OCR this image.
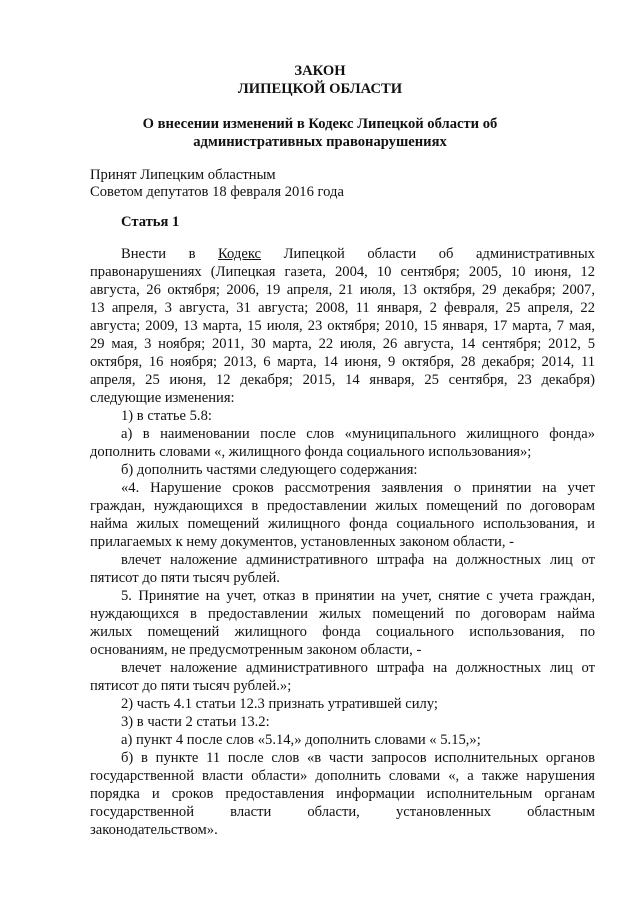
ЗАКОН

ЛИПЕЦКОЙ ОБЛАСТИ

О внесении изменений в Кодекс Липецкой области об

административных правонарушениях

Принят Липецким областным

Советом депутатов 18 февраля 2016 года

Статья 1

Внести в Кодекс Липецкой области об административных

правонарушениях (Липецкая газета, 2004, 10 сентября; 2005, 10 июня, 12

августа, 26 октября; 2006, 19 апреля, 21 июля, 13 октября, 29 декабря; 2007,

13 апреля, 3 августа, 31 августа; 2008, 11 января, 2 февраля, 25 апреля, 22

августа; 2009, 13 марта, 15 июля, 23 октября; 2010, 15 января, 17 марта, 7 мая,

29 мая, 3 ноября; 2011, 30 марта, 22 июля, 26 августа, 14 сентября; 2012, 5

октября, 16 ноября; 2013, 6 марта, 14 июня, 9 октября, 28 декабря; 2014, 11

апреля, 25 июня, 12 декабря; 2015, 14 января, 25 сентября, 23 декабря)

следующие изменения:

1) в статье 5.8:

а) в наименовании после слов «муниципального жилищного фонда»

дополнить словами «, жилищного фонда социального использования»;

б) дополнить частями следующего содержания:

«4. Нарушение сроков рассмотрения заявления о принятии на учет

граждан, нуждающихся в предоставлении жилых помещений по договорам

найма жилых помещений жилищного фонда социального использования, и

прилагаемых к нему документов, установленных законом области, -

влечет наложение административного штрафа на должностных лиц от

пятисот до пяти тысяч рублей.

5. Принятие на учет, отказ в принятии на учет, снятие с учета граждан,

нуждающихся в предоставлении жилых помещений по договорам найма

жилых помещений жилищного фонда социального использования, по

основаниям, не предусмотренным законом области, -

влечет наложение административного штрафа на должностных лиц от

пятисот до пяти тысяч рублей.»;

2) часть 4.1 статьи 12.3 признать утратившей силу;

3) в части 2 статьи 13.2:

а) пункт 4 после слов «5.14,» дополнить словами « 5.15,»;

б) в пункте 11 после слов «в части запросов исполнительных органов

государственной власти области» дополнить словами «, а также нарушения

порядка и сроков предоставления информации исполнительным органам

государственной власти области, установленных областным

законодательством».
